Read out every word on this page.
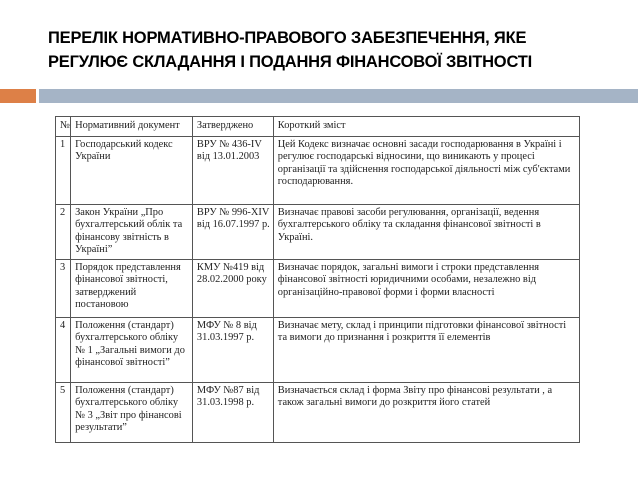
ПЕРЕЛІК НОРМАТИВНО-ПРАВОВОГО ЗАБЕЗПЕЧЕННЯ, ЯКЕ
РЕГУЛЮЄ СКЛАДАННЯ І ПОДАННЯ ФІНАНСОВОЇ ЗВІТНОСТІ
№	Нормативний документ	Затверджено	Короткий зміст
1	Господарський кодекс України	ВРУ № 436-IV від 13.01.2003	Цей Кодекс визначає основні засади господарювання в Україні і регулює господарські відносини, що виникають у процесі організації та здійснення господарської діяльності між суб'єктами господарювання.
2	Закон України „Про бухгалтерський облік та фінансову звітність в Україні”	ВРУ № 996-XIV від 16.07.1997 р.	Визначає правові засоби регулювання, організації, ведення бухгалтерського обліку та складання фінансової звітності в Україні.
3	Порядок представлення фінансової звітності, затверджений постановою	КМУ №419 від 28.02.2000 року	Визначає порядок, загальні вимоги і строки представлення фінансової звітності юридичними особами, незалежно від організаційно-правової форми і форми власності
4	Положення (стандарт) бухгалтерського обліку № 1 „Загальні вимоги до фінансової звітності”	МФУ № 8 від 31.03.1997 р.	Визначає мету, склад і принципи підготовки фінансової звітності та вимоги до признання і розкриття її елементів
5	Положення (стандарт) бухгалтерського обліку № 3 „Звіт про фінансові результати”	МФУ №87 від 31.03.1998 р.	Визначається склад і форма Звіту про фінансові результати , а також загальні вимоги до розкриття його статей
